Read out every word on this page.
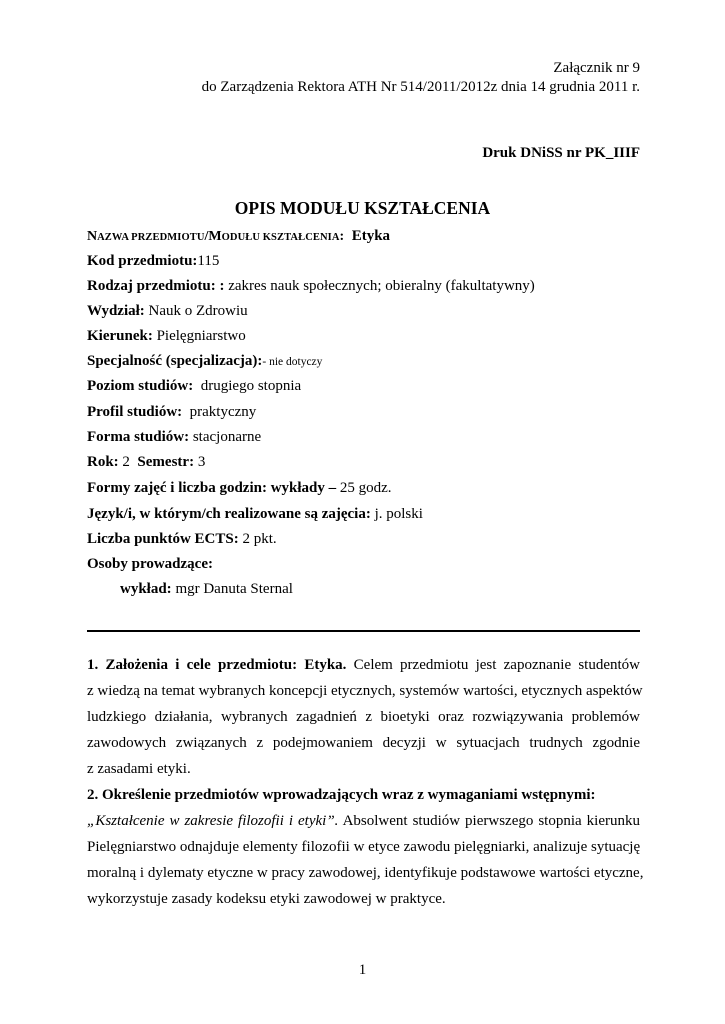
Załącznik nr 9
do Zarządzenia Rektora ATH Nr 514/2011/2012z dnia 14 grudnia 2011 r.
Druk DNiSS nr PK_IIIF
OPIS MODUŁU KSZTAŁCENIA
NAZWA PRZEDMIOTU/MODUŁU KSZTAŁCENIA: Etyka
Kod przedmiotu:115
Rodzaj przedmiotu: : zakres nauk społecznych; obieralny (fakultatywny)
Wydział: Nauk o Zdrowiu
Kierunek: Pielęgniarstwo
Specjalność (specjalizacja):- nie dotyczy
Poziom studiów: drugiego stopnia
Profil studiów: praktyczny
Forma studiów: stacjonarne
Rok: 2 Semestr: 3
Formy zajęć i liczba godzin: wykłady – 25 godz.
Język/i, w którym/ch realizowane są zajęcia: j. polski
Liczba punktów ECTS: 2 pkt.
Osoby prowadzące:
wykład: mgr Danuta Sternal
1. Założenia i cele przedmiotu: Etyka. Celem przedmiotu jest zapoznanie studentów
z wiedzą na temat wybranych koncepcji etycznych, systemów wartości, etycznych aspektów
ludzkiego działania, wybranych zagadnień z bioetyki oraz rozwiązywania problemów
zawodowych związanych z podejmowaniem decyzji w sytuacjach trudnych zgodnie
z zasadami etyki.
2. Określenie przedmiotów wprowadzających wraz z wymaganiami wstępnymi:
„Kształcenie w zakresie filozofii i etyki”. Absolwent studiów pierwszego stopnia kierunku
Pielęgniarstwo odnajduje elementy filozofii w etyce zawodu pielęgniarki, analizuje sytuację
moralną i dylematy etyczne w pracy zawodowej, identyfikuje podstawowe wartości etyczne,
wykorzystuje zasady kodeksu etyki zawodowej w praktyce.
1
